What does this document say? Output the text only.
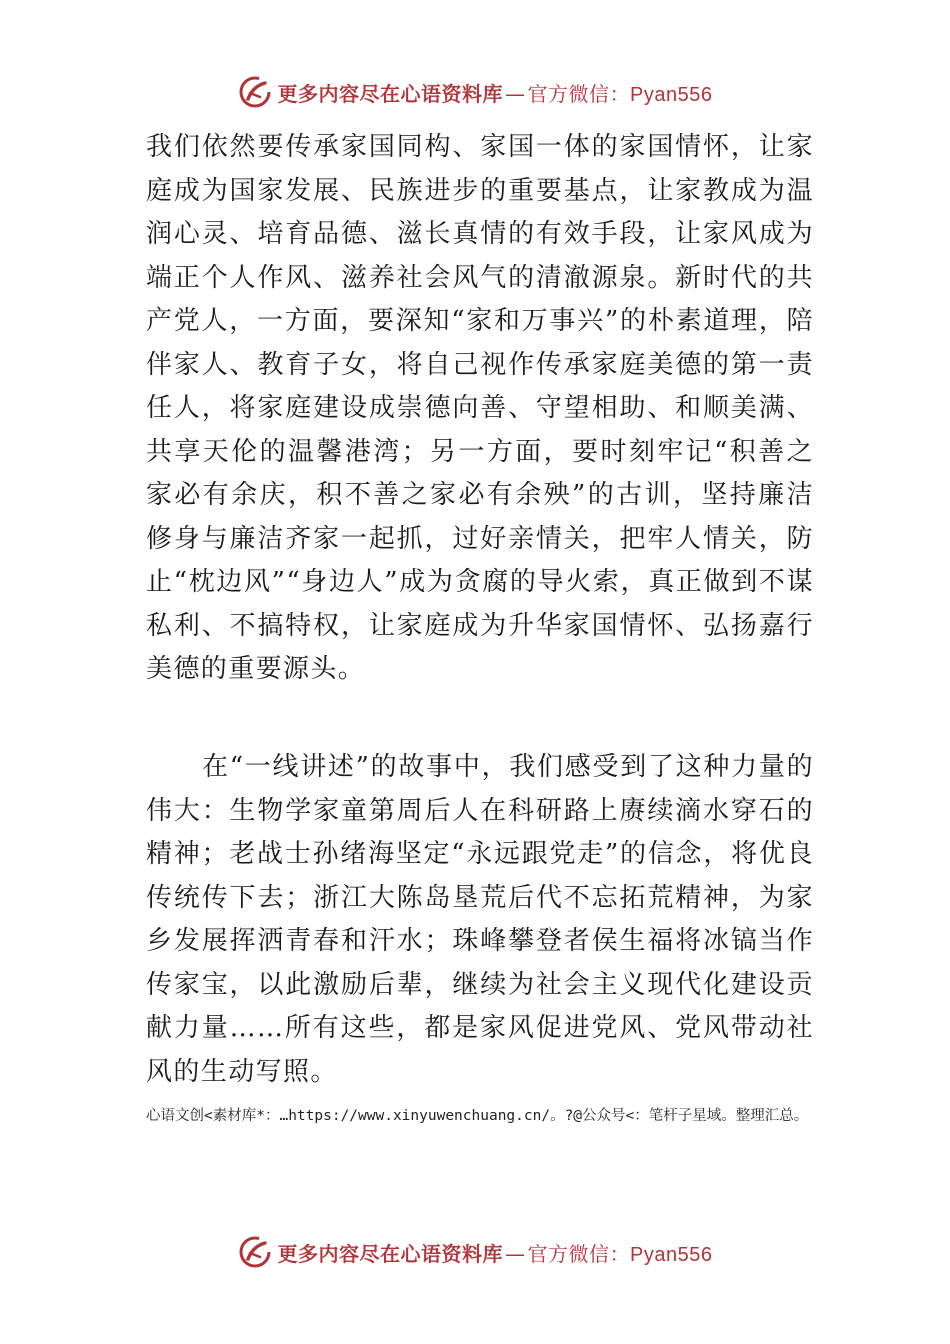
更多内容尽在心语资料库 — 官方微信：Pyan556

我们依然要传承家国同构、家国一体的家国情怀，让家庭成为国家发展、民族进步的重要基点，让家教成为温润心灵、培育品德、滋长真情的有效手段，让家风成为端正个人作风、滋养社会风气的清澈源泉。新时代的共产党人，一方面，要深知“家和万事兴”的朴素道理，陪伴家人、教育子女，将自己视作传承家庭美德的第一责任人，将家庭建设成崇德向善、守望相助、和顺美满、共享天伦的温馨港湾；另一方面，要时刻牢记“积善之家必有余庆，积不善之家必有余殃”的古训，坚持廉洁修身与廉洁齐家一起抓，过好亲情关，把牢人情关，防止“枕边风”“身边人”成为贪腐的导火索，真正做到不谋私利、不搞特权，让家庭成为升华家国情怀、弘扬嘉行美德的重要源头。

在“一线讲述”的故事中，我们感受到了这种力量的伟大：生物学家童第周后人在科研路上赓续滴水穿石的精神；老战士孙绪海坚定“永远跟党走”的信念，将优良传统传下去；浙江大陈岛垦荒后代不忘拓荒精神，为家乡发展挥洒青春和汗水；珠峰攀登者侯生福将冰镐当作传家宝，以此激励后辈，继续为社会主义现代化建设贡献力量……所有这些，都是家风促进党风、党风带动社风的生动写照。

心语文创<素材库*：…https://www.xinyuwenchuang.cn/。?@公众号<：笔杆子星域。整理汇总。

更多内容尽在心语资料库 — 官方微信：Pyan556
